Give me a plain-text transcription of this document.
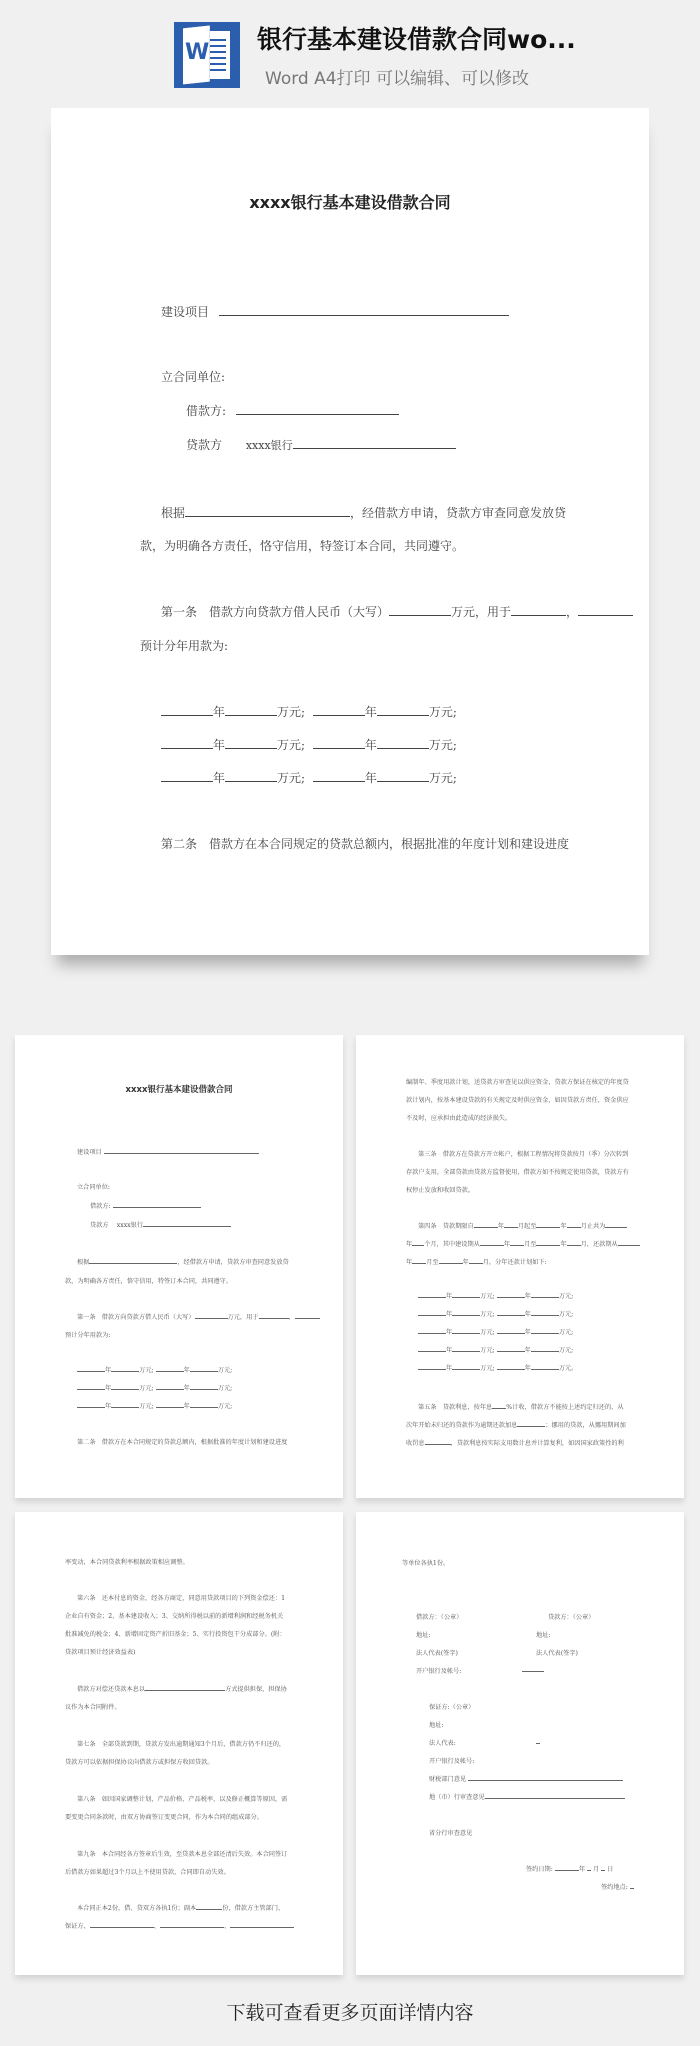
W 银行基本建设借款合同wo...
Word A4打印 可以编辑、可以修改
xxxx银行基本建设借款合同
建设项目
立合同单位:
借款方:
贷款方 xxxx银行
根据	，经借款方申请，贷款方审查同意发放贷
款，为明确各方责任，恪守信用，特签订本合同，共同遵守。
第一条　借款方向贷款方借人民币（大写）	万元，用于	，
预计分年用款为:
年	万元;	年	万元;
年	万元;	年	万元;
年	万元;	年	万元;
第二条　借款方在本合同规定的贷款总额内，根据批准的年度计划和建设进度
xxxx银行基本建设借款合同
建设项目
立合同单位:
借款方:
贷款方　 xxxx银行
根据	，经借款方申请，贷款方审查同意发放贷
款，为明确各方责任，恪守信用，特签订本合同，共同遵守。
第一条　借款方向贷款方借人民币（大写）	万元，用于	，
预计分年用款为:
年	万元;	年	万元;
年	万元;	年	万元;
年	万元;	年	万元;
第二条　借款方在本合同规定的贷款总额内，根据批准的年度计划和建设进度
编制年、季度用款计划，送贷款方审查见以供应资金，贷款方保证在核定的年度贷
款计划内，按基本建设贷款的有关规定及时供应资金，如因贷款方责任，资金供应
不及时，应承担由此造成的经济损失。
第三条　借款方在贷款方开立帐户，根据工程情况将贷款按月（季）分次转到
存款户支用，全部贷款由贷款方监督使用，借款方如不按规定使用贷款，贷款方有
权停止发放和收回贷款。
第四条　贷款期限自	年 月起至	年 月止共为
年 个月，其中建设期从	年 月至	年 月，还款期从
年 月至	年 月，分年还款计划如下:
年	万元;	年	万元;
年	万元;	年	万元;
年	万元;	年	万元;
年	万元;	年	万元;
年	万元;	年	万元。
第五条　贷款利息，按年息 %计收，借款方不能按上述约定归还的，从
次年开始未归还的贷款作为逾期还款加息	；挪用的贷款，从挪用期间加
收罚息	，贷款利息按实际支用数计息并计算复利，如因国家政策性的利
率变动，本合同贷款利率根据政策相应调整。
第六条　还本付息的资金，经各方商定，同意用贷款项目的下列资金偿还：1
企业自有资金；2、基本建设收入；3、交纳所得税以前的新增利润和经税务机关
批准减免的税金；4、新增固定资产折旧基金；5、实行投资包干分成部分。(附：
贷款项目预计经济效益表)
借款方对偿还贷款本息以	方式提供担保，担保协
议作为本合同附件。
第七条　全部贷款到期，贷款方发出逾期通知3个月后，借款方仍不归还的，
贷款方可以依据担保协议向借款方或担保方收回贷款。
第八条　如因国家调整计划，产品价格、产品税率，以及修正概算等原因，需
要变更合同条款时，由双方协商签订变更合同，作为本合同的组成部分。
第九条　本合同经各方签章后生效，至贷款本息全部还清后失效。本合同签订
后借款方如果超过3个月以上不使用贷款，合同即自动失效。
本合同正本2份，借、贷双方各执1份；副本	份，借款方主管部门、
保证方、	、	、
等单位各执1份。
借款方：（公章）	贷款方：（公章）
地址:	地址:
法人代表(签字)	法人代表(签字)
开户银行及帐号:
保证方:（公章）
地址:
法人代表:
开户银行及帐号:
财税部门意见
地（市）行审查意见
省分行审查意见
签约日期:	年 月 日
签约地点:
下载可查看更多页面详情内容
